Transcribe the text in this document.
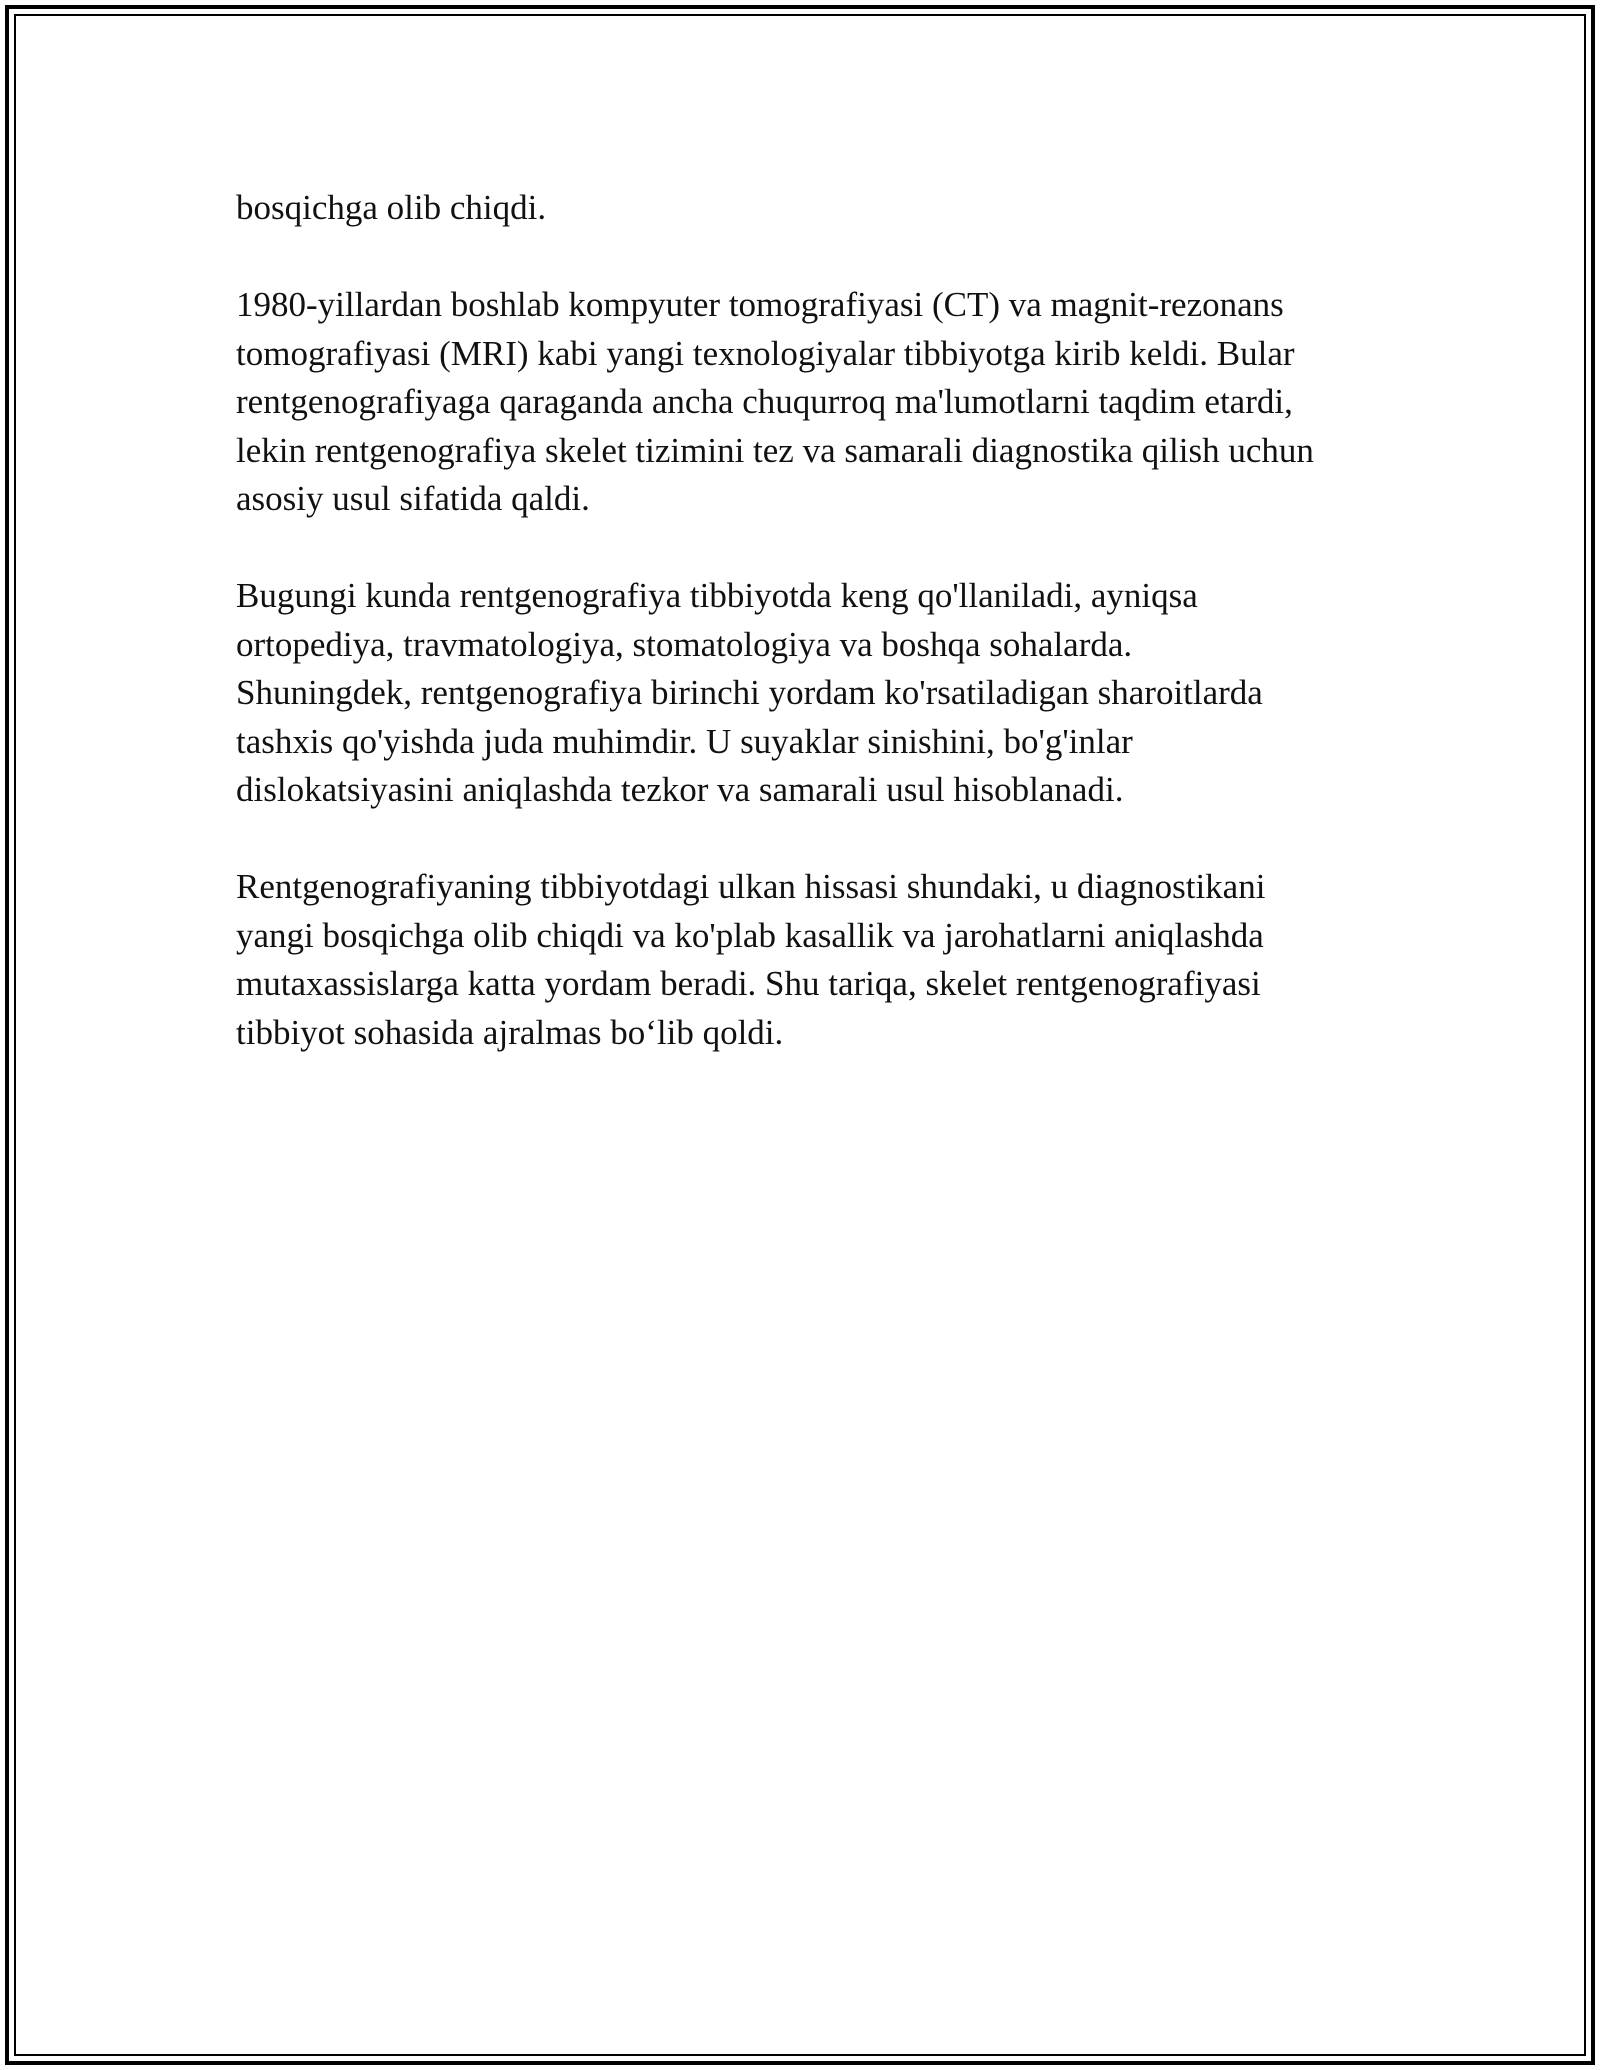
bosqichga olib chiqdi.

1980-yillardan boshlab kompyuter tomografiyasi (CT) va magnit-rezonans
tomografiyasi (MRI) kabi yangi texnologiyalar tibbiyotga kirib keldi. Bular
rentgenografiyaga qaraganda ancha chuqurroq ma'lumotlarni taqdim etardi,
lekin rentgenografiya skelet tizimini tez va samarali diagnostika qilish uchun
asosiy usul sifatida qaldi.

Bugungi kunda rentgenografiya tibbiyotda keng qo'llaniladi, ayniqsa
ortopediya, travmatologiya, stomatologiya va boshqa sohalarda.
Shuningdek, rentgenografiya birinchi yordam ko'rsatiladigan sharoitlarda
tashxis qo'yishda juda muhimdir. U suyaklar sinishini, bo'g'inlar
dislokatsiyasini aniqlashda tezkor va samarali usul hisoblanadi.

Rentgenografiyaning tibbiyotdagi ulkan hissasi shundaki, u diagnostikani
yangi bosqichga olib chiqdi va ko'plab kasallik va jarohatlarni aniqlashda
mutaxassislarga katta yordam beradi. Shu tariqa, skelet rentgenografiyasi
tibbiyot sohasida ajralmas bo‘lib qoldi.
